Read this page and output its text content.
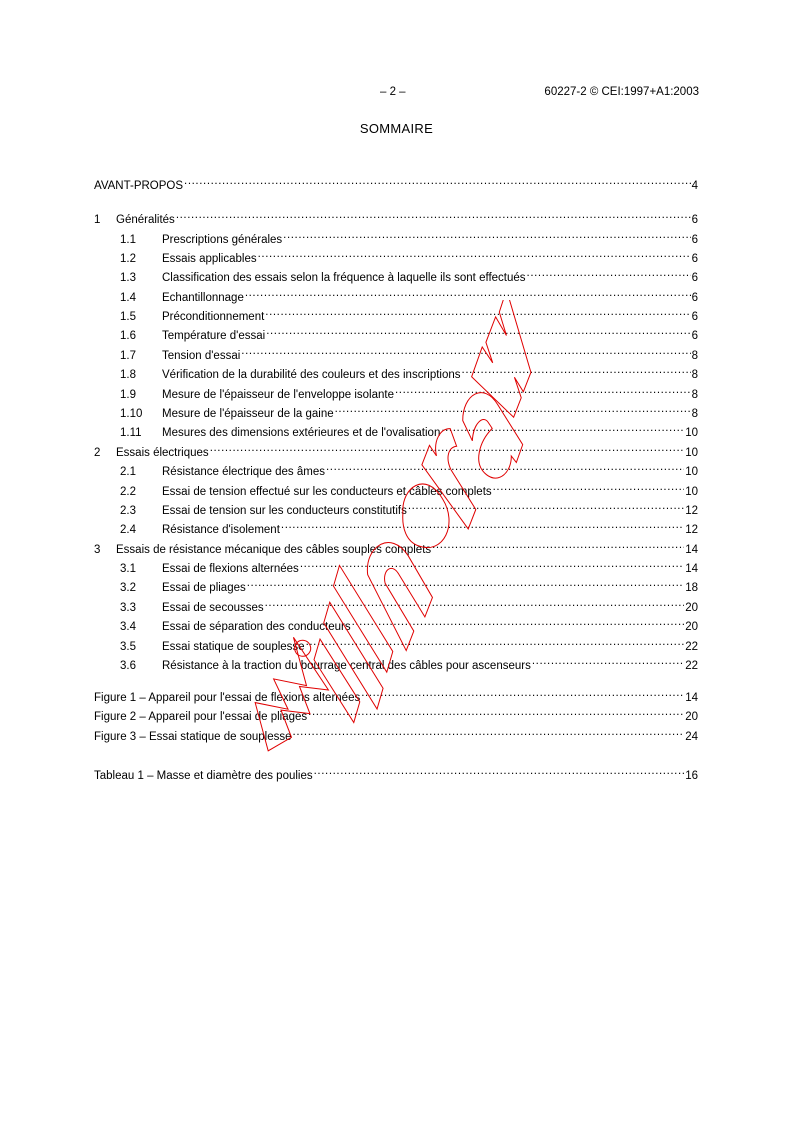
– 2 –	60227-2 © CEI:1997+A1:2003
SOMMAIRE
AVANT-PROPOS .....	4
1	Généralités .....	6
1.1	Prescriptions générales .....	6
1.2	Essais applicables .....	6
1.3	Classification des essais selon la fréquence à laquelle ils sont effectués .....	6
1.4	Echantillonnage .....	6
1.5	Préconditionnement .....	6
1.6	Température d'essai .....	6
1.7	Tension d'essai .....	8
1.8	Vérification de la durabilité des couleurs et des inscriptions .....	8
1.9	Mesure de l'épaisseur de l'enveloppe isolante .....	8
1.10	Mesure de l'épaisseur de la gaine .....	8
1.11	Mesures des dimensions extérieures et de l'ovalisation .....	10
2	Essais électriques .....	10
2.1	Résistance électrique des âmes .....	10
2.2	Essai de tension effectué sur les conducteurs et câbles complets .....	10
2.3	Essai de tension sur les conducteurs constitutifs .....	12
2.4	Résistance d'isolement .....	12
3	Essais de résistance mécanique des câbles souples complets .....	14
3.1	Essai de flexions alternées .....	14
3.2	Essai de pliages .....	18
3.3	Essai de secousses .....	20
3.4	Essai de séparation des conducteurs .....	20
3.5	Essai statique de souplesse .....	22
3.6	Résistance à la traction du bourrage central des câbles pour ascenseurs .....	22
Figure 1 – Appareil pour l'essai de flexions alternées .....	14
Figure 2 – Appareil pour l'essai de pliages .....	20
Figure 3 – Essai statique de souplesse .....	24
Tableau 1 – Masse et diamètre des poulies .....	16
